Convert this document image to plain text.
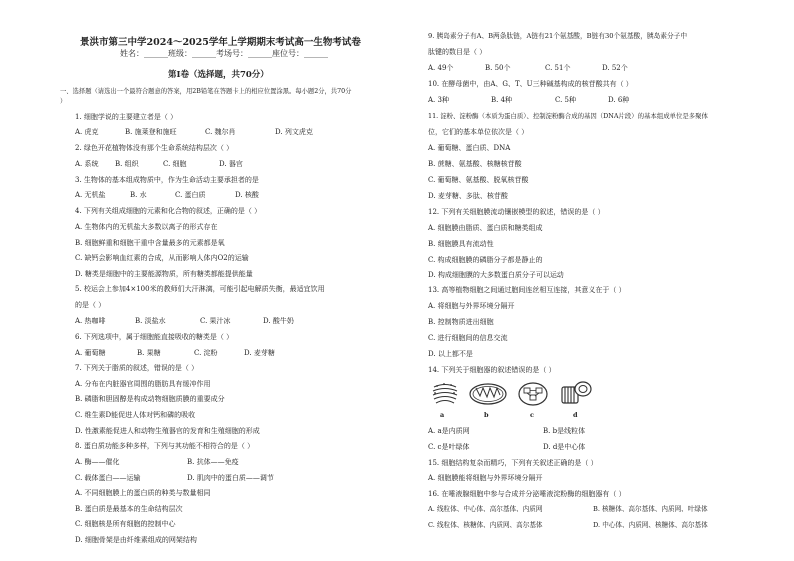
景洪市第三中学2024～2025学年上学期期末考试高一生物考试卷
姓名：______班级：______考场号：______座位号：______
第Ⅰ卷（选择题，共70分）
一、选择题（请选出一个最符合题意的答案，用2B铅笔在答题卡上的相应位置涂黑。每小题2分，共70分
）
1. 细胞学说的主要建立者是（ ）
A. 虎克	B. 施莱登和施旺	C. 魏尔肖	D. 列文虎克
2. 绿色开花植物体没有那个生命系统结构层次（ ）
A. 系统	B. 组织	C. 细胞	D. 器官
3. 生物体的基本组成物质中，作为生命活动主要承担者的是
A. 无机盐	B. 水	C. 蛋白质	D. 核酸
4. 下列有关组成细胞的元素和化合物的叙述，正确的是（ ）
A. 生物体内的无机盐大多数以离子的形式存在
B. 细胞鲜重和细胞干重中含量最多的元素都是氧
C. 缺钙会影响血红素的合成，从而影响人体内O2的运输
D. 糖类是细胞中的主要能源物质，所有糖类都能提供能量
5. 校运会上参加4×100米的教师们大汗淋漓，可能引起电解质失衡，最适宜饮用
的是（ ）
A. 热咖啡	B. 淡盐水	C. 果汁冰	D. 酸牛奶
6. 下列选项中，属于细胞能直接吸收的糖类是（ ）
A. 葡萄糖	B. 果糖	C. 淀粉	D. 麦芽糖
7. 下列关于脂质的叙述，错误的是（ ）
A. 分布在内脏器官周围的脂肪具有缓冲作用
B. 磷脂和胆固醇是构成动物细胞质膜的重要成分
C. 维生素D能促进人体对钙和磷的吸收
D. 性激素能促进人和动物生殖器官的发育和生殖细胞的形成
8. 蛋白质功能多种多样，下列与其功能不相符合的是（ ）
A. 酶——催化	B. 抗体——免疫
C. 载体蛋白——运输	D. 肌肉中的蛋白质——调节
A. 不同细胞膜上的蛋白质的种类与数量相同
B. 蛋白质是最基本的生命结构层次
C. 细胞核是所有细胞的控制中心
D. 细胞骨架是由纤维素组成的网架结构
9. 胰岛素分子有A、B两条肽链，A链有21个氨基酸，B链有30个氨基酸，胰岛素分子中
肽键的数目是（ ）
A. 49个	B. 50个	C. 51个	D. 52个
10. 在酵母菌中，由A、G、T、U三种碱基构成的核苷酸共有（ ）
A. 3种	B. 4种	C. 5种	D. 6种
11. 淀粉、淀粉酶（本质为蛋白质）、控制淀粉酶合成的基因（DNA片段）的基本组成单位是多聚体
位，它们的基本单位依次是（ ）
A. 葡萄糖、蛋白质、DNA
B. 蔗糖、氨基酸、核糖核苷酸
C. 葡萄糖、氨基酸、脱氧核苷酸
D. 麦芽糖、多肽、核苷酸
12. 下列有关细胞膜流动镶嵌模型的叙述，错误的是（ ）
A. 细胞膜由脂质、蛋白质和糖类组成
B. 细胞膜具有流动性
C. 构成细胞膜的磷脂分子都是静止的
D. 构成细胞膜的大多数蛋白质分子可以运动
13. 高等植物细胞之间通过胞间连丝相互连接，其意义在于（ ）
A. 将细胞与外界环境分隔开
B. 控制物质进出细胞
C. 进行细胞间的信息交流
D. 以上都不是
14. 下列关于细胞器的叙述错误的是（ ）
a	b	c	d
A. a是内质网	B. b是线粒体
C. c是叶绿体	D. d是中心体
15. 细胞结构复杂而精巧，下列有关叙述正确的是（ ）
A. 细胞膜能将细胞与外界环境分隔开
16. 在唾液腺细胞中参与合成并分泌唾液淀粉酶的细胞器有（ ）
A. 线粒体、中心体、高尔基体、内质网	B. 核糖体、高尔基体、内质网、叶绿体
C. 线粒体、核糖体、内质网、高尔基体	D. 中心体、内质网、核糖体、高尔基体
